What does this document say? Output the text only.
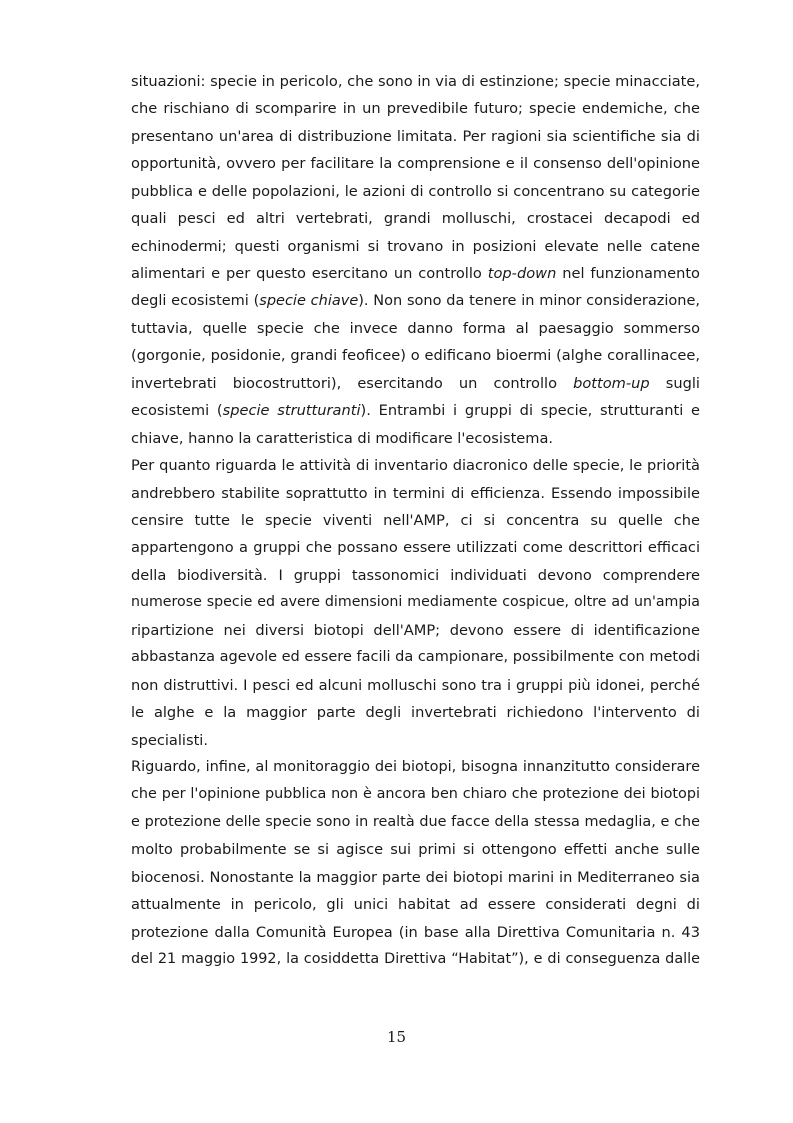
situazioni: specie in pericolo, che sono in via di estinzione; specie minacciate,
che rischiano di scomparire in un prevedibile futuro; specie endemiche, che
presentano un'area di distribuzione limitata. Per ragioni sia scientifiche sia di
opportunità, ovvero per facilitare la comprensione e il consenso dell'opinione
pubblica e delle popolazioni, le azioni di controllo si concentrano su categorie
quali pesci ed altri vertebrati, grandi molluschi, crostacei decapodi ed
echinodermi; questi organismi si trovano in posizioni elevate nelle catene
alimentari e per questo esercitano un controllo top-down nel funzionamento
degli ecosistemi (specie chiave). Non sono da tenere in minor considerazione,
tuttavia, quelle specie che invece danno forma al paesaggio sommerso
(gorgonie, posidonie, grandi feoficee) o edificano bioermi (alghe corallinacee,
invertebrati biocostruttori), esercitando un controllo bottom-up sugli
ecosistemi (specie strutturanti). Entrambi i gruppi di specie, strutturanti e
chiave, hanno la caratteristica di modificare l'ecosistema.
Per quanto riguarda le attività di inventario diacronico delle specie, le priorità
andrebbero stabilite soprattutto in termini di efficienza. Essendo impossibile
censire tutte le specie viventi nell'AMP, ci si concentra su quelle che
appartengono a gruppi che possano essere utilizzati come descrittori efficaci
della biodiversità. I gruppi tassonomici individuati devono comprendere
numerose specie ed avere dimensioni mediamente cospicue, oltre ad un'ampia
ripartizione nei diversi biotopi dell'AMP; devono essere di identificazione
abbastanza agevole ed essere facili da campionare, possibilmente con metodi
non distruttivi. I pesci ed alcuni molluschi sono tra i gruppi più idonei, perché
le alghe e la maggior parte degli invertebrati richiedono l'intervento di
specialisti.
Riguardo, infine, al monitoraggio dei biotopi, bisogna innanzitutto considerare
che per l'opinione pubblica non è ancora ben chiaro che protezione dei biotopi
e protezione delle specie sono in realtà due facce della stessa medaglia, e che
molto probabilmente se si agisce sui primi si ottengono effetti anche sulle
biocenosi. Nonostante la maggior parte dei biotopi marini in Mediterraneo sia
attualmente in pericolo, gli unici habitat ad essere considerati degni di
protezione dalla Comunità Europea (in base alla Direttiva Comunitaria n. 43
del 21 maggio 1992, la cosiddetta Direttiva “Habitat”), e di conseguenza dalle
15
